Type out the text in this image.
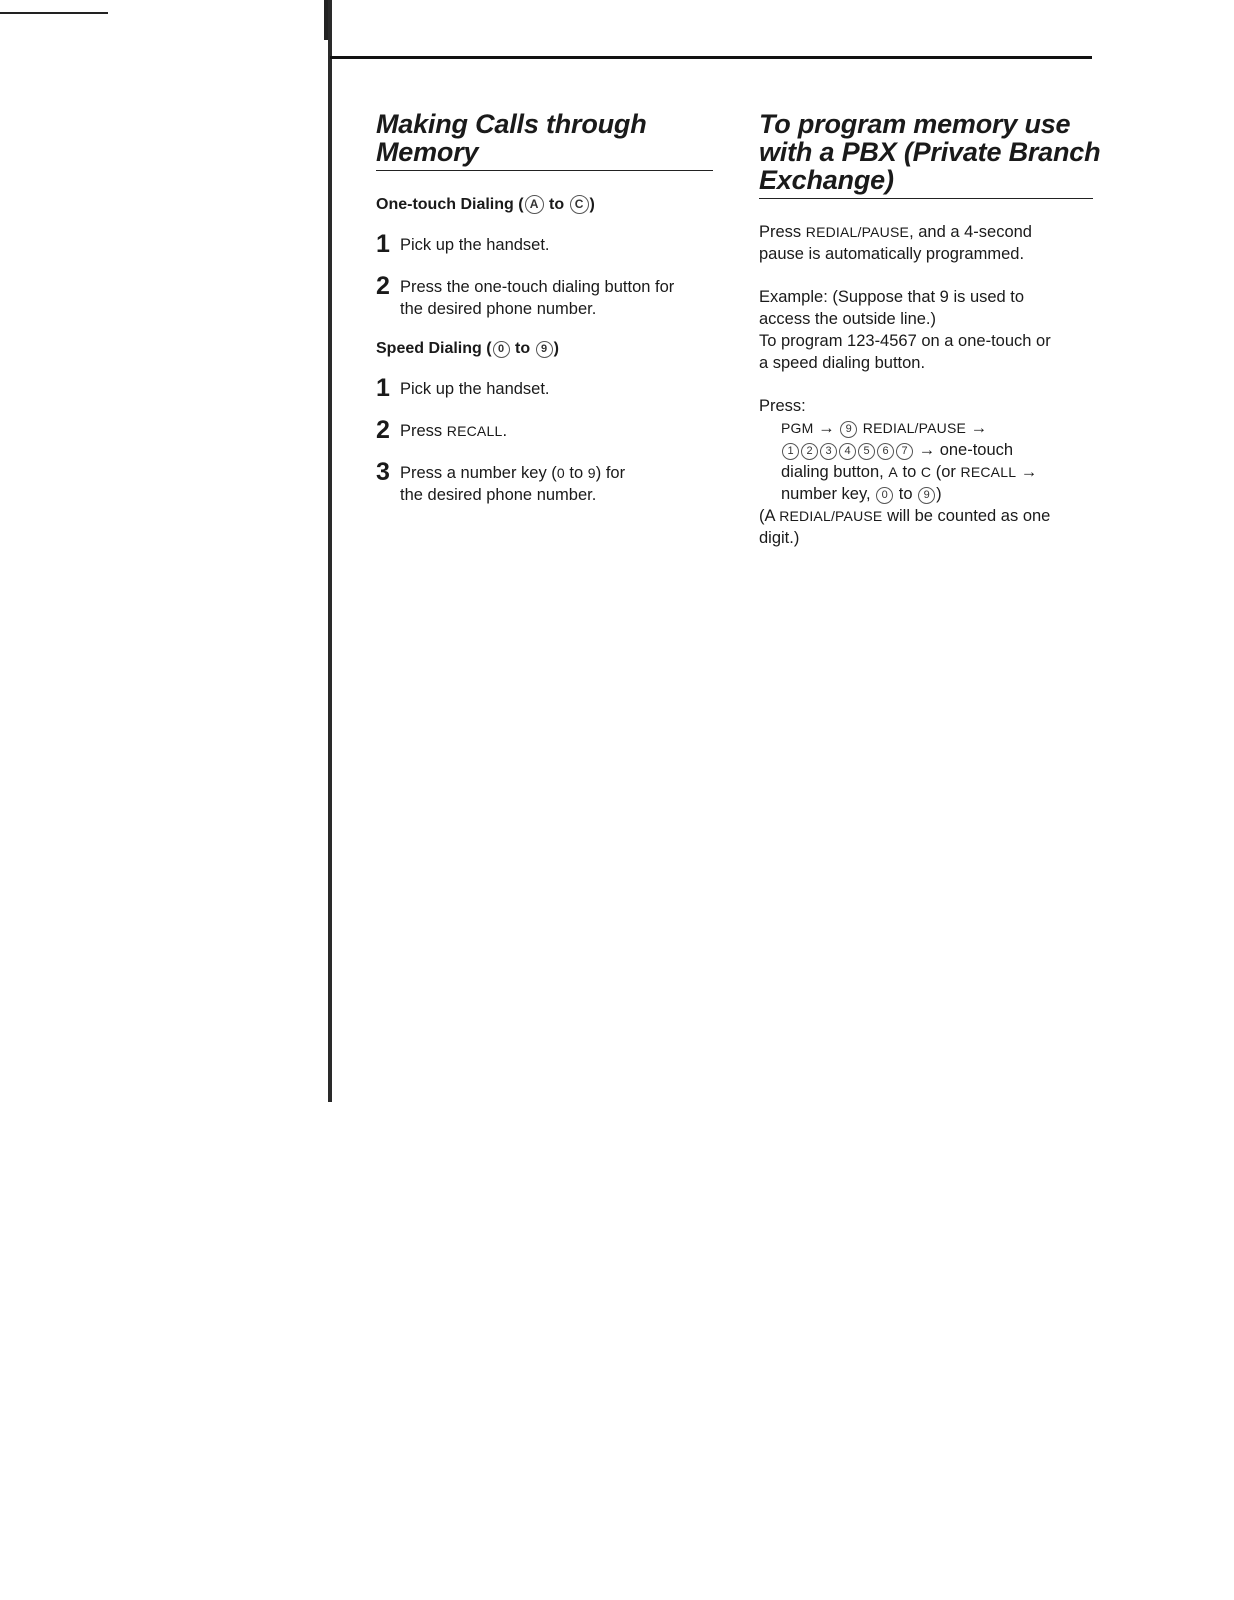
Making Calls through Memory

One-touch Dialing ( A to C )

1 Pick up the handset.
2 Press the one-touch dialing button for
the desired phone number.

Speed Dialing ( 0 to 9 )

1 Pick up the handset.
2 Press RECALL.
3 Press a number key (0 to 9) for
the desired phone number.
To program memory use
with a PBX (Private Branch
Exchange)

Press REDIAL/PAUSE, and a 4-second

pause is automatically programmed.

Example: (Suppose that 9 is used to

access the outside line.)

To program 123-4567 on a one-touch or

a speed dialing button.

Press:

PGM → 9 REDIAL/PAUSE →

1 2 3 4 5 6 7 → one-touch

dialing button, A to C (or RECALL →

number key, 0 to 9 )

(A REDIAL/PAUSE will be counted as one

digit.)
